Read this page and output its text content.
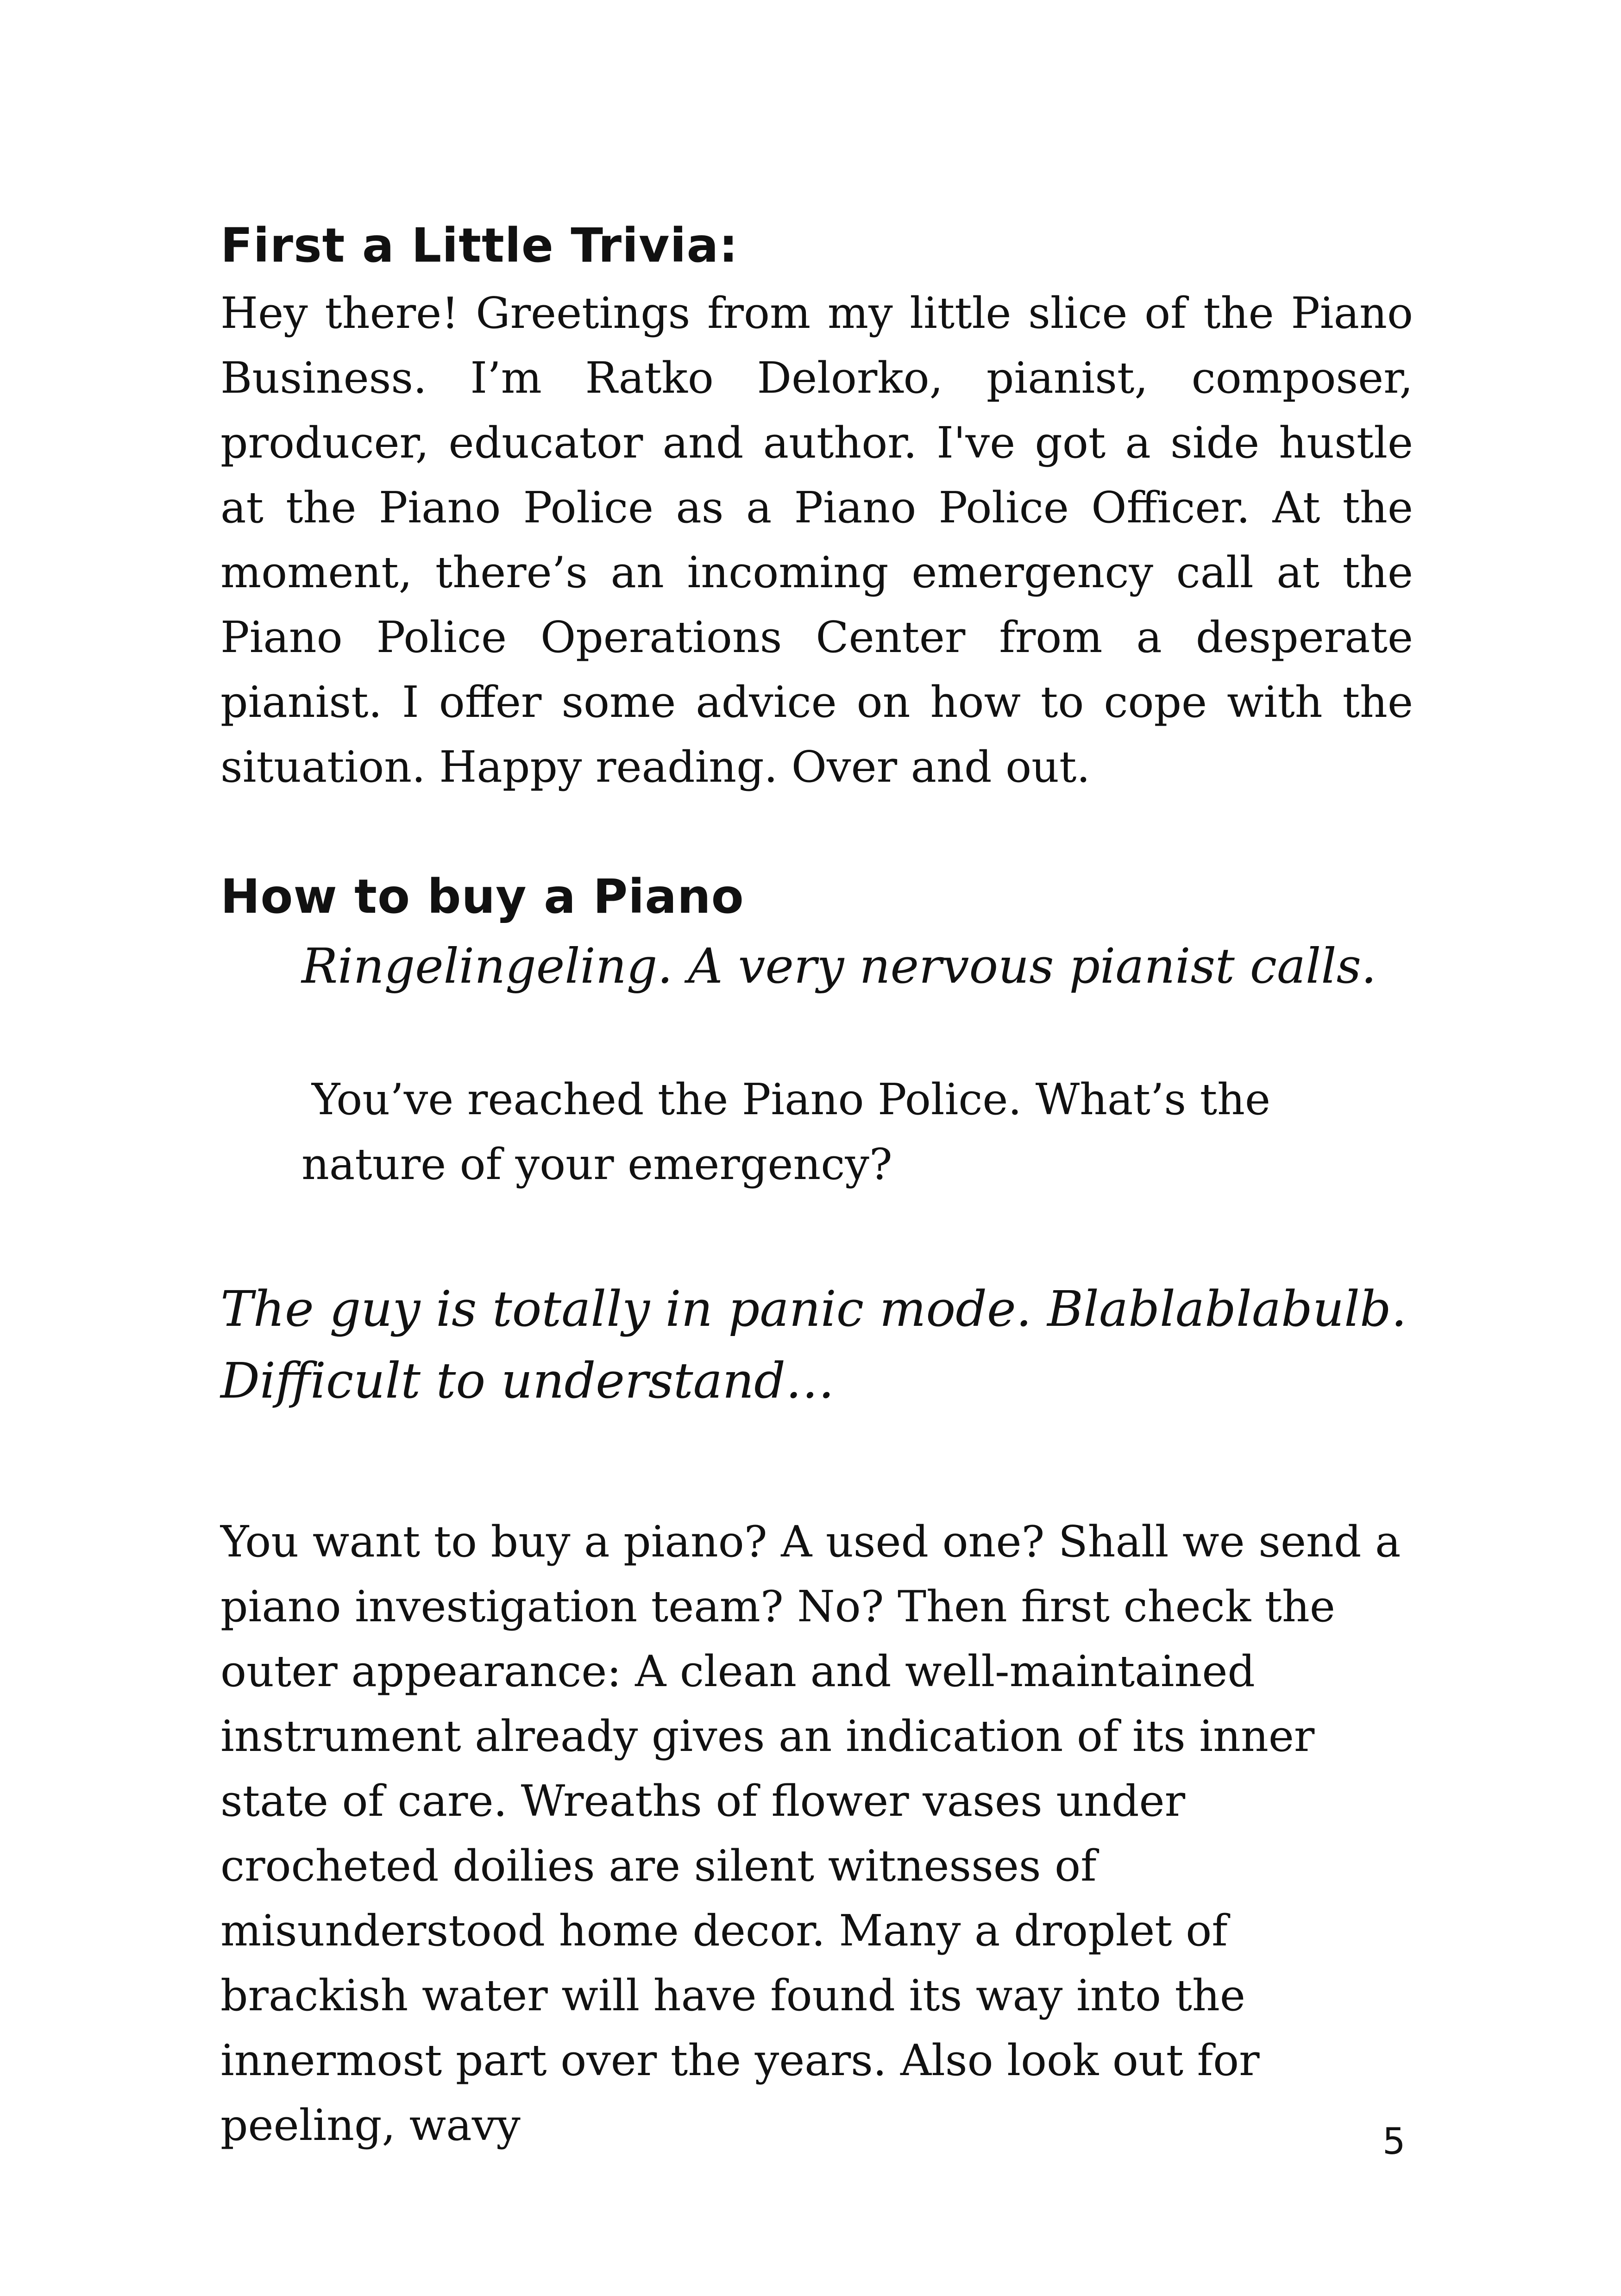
First a Little Trivia:

Hey there! Greetings from my little slice of the Piano Business. I’m Ratko Delorko, pianist, composer, producer, educator and author. I've got a side hustle at the Piano Police as a Piano Police Officer. At the moment, there’s an incoming emergency call at the Piano Police Operations Center from a desperate pianist. I offer some advice on how to cope with the situation. Happy reading. Over and out.

How to buy a Piano

Ringelingeling. A very nervous pianist calls.

You’ve reached the Piano Police. What’s the nature of your emergency?

The guy is totally in panic mode. Blablablabulb. Difficult to understand…

You want to buy a piano? A used one? Shall we send a piano investigation team? No? Then first check the outer appearance: A clean and well-maintained instrument already gives an indication of its inner state of care. Wreaths of flower vases under crocheted doilies are silent witnesses of misunderstood home decor. Many a droplet of brackish water will have found its way into the innermost part over the years. Also look out for peeling, wavy	5
